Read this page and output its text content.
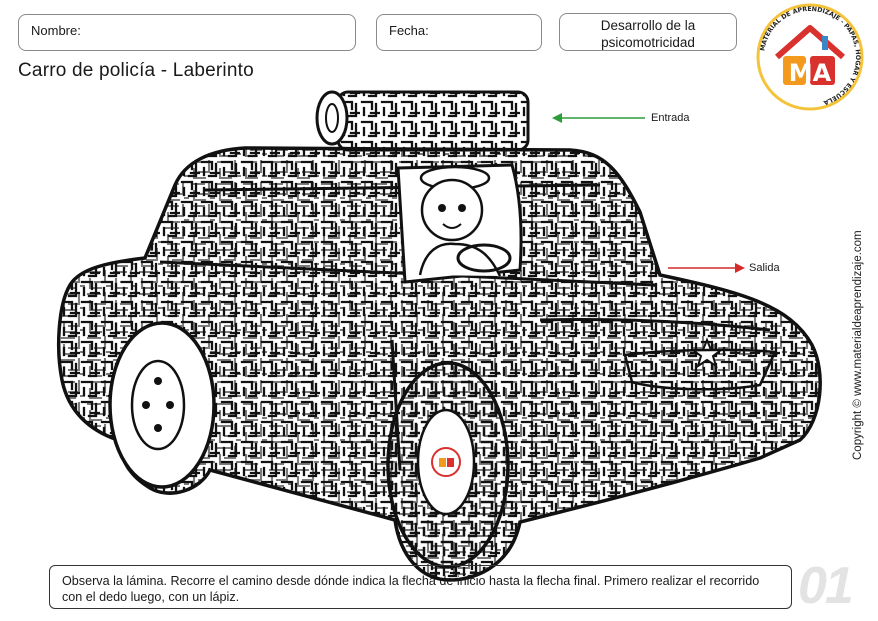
Nombre:	Fecha:	Desarrollo de la
psicomotricidad
Carro de policía - Laberinto
MATERIAL DE APRENDIZAJE - PAPAS, HOGAR Y ESCUELA
MA
Entrada
Salida	Copyright © www.materialdeaprendizaje.com
Observa la lámina. Recorre el camino desde dónde indica la flecha de inicio hasta la flecha final. Primero realizar el recorrido con el dedo luego, con un lápiz.	01
